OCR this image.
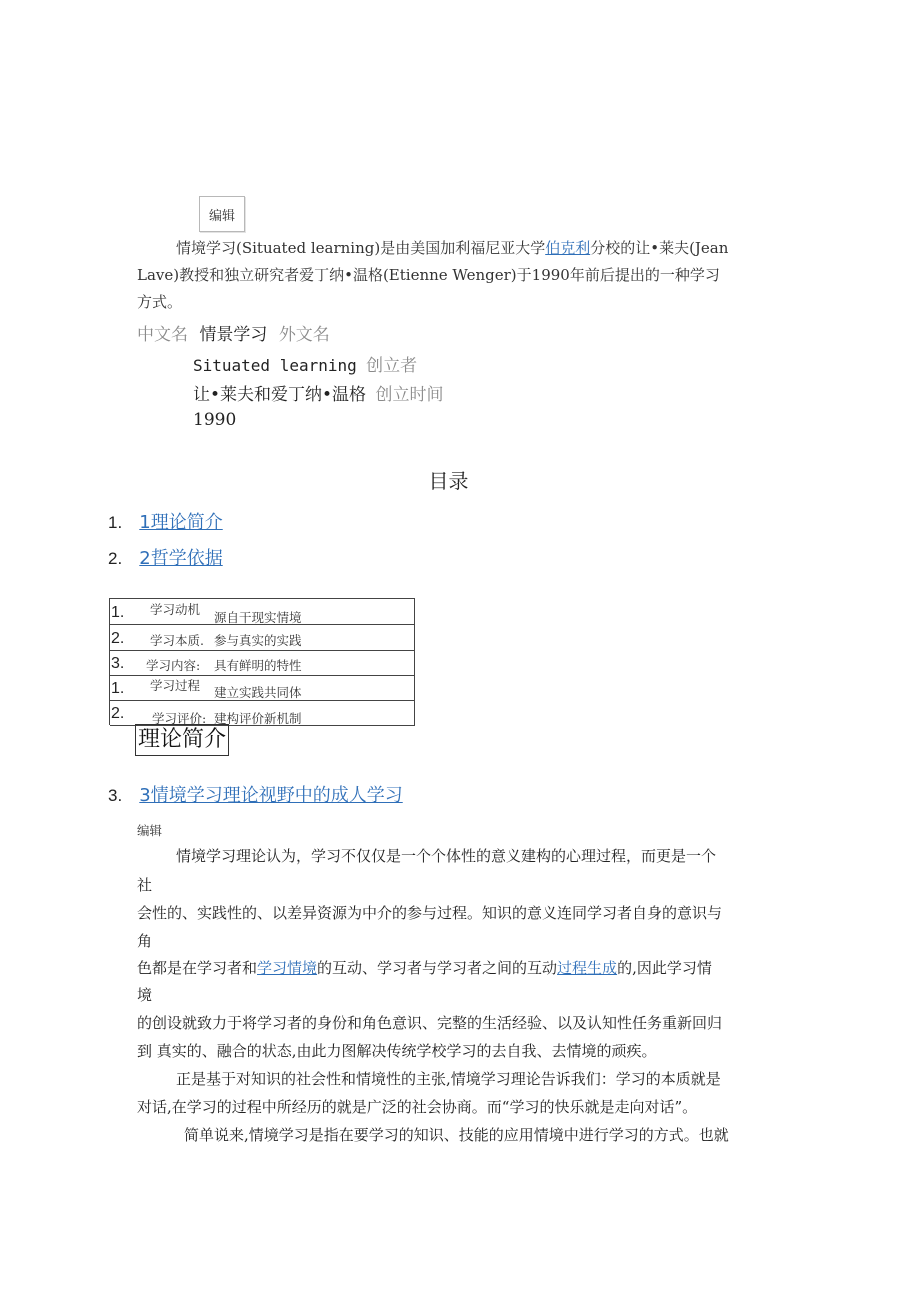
编辑
情境学习(Situated learning)是由美国加利福尼亚大学伯克利分校的让•莱夫(Jean
Lave)教授和独立研究者爱丁纳•温格(Etienne Wenger)于1990年前后提出的一种学习
方式。
中文名 情景学习 外文名
Situated learning 创立者
让•莱夫和爱丁纳•温格 创立时间
1990
目录
1. 1理论简介
2. 2哲学依据
1. 学习动机
源自干现实情境
2. 学习本质. 参与真实的实践
3. 学习内容: 具有鲜明的特性
1. 学习过程 建立实践共同体
2. 学习评价: 建构评价新机制
理论简介
3. 3情境学习理论视野中的成人学习
编辑
情境学习理论认为，学习不仅仅是一个个体性的意义建构的心理过程，而更是一个
社
会性的、实践性的、以差异资源为中介的参与过程。知识的意义连同学习者自身的意识与
角
色都是在学习者和学习情境的互动、学习者与学习者之间的互动过程生成的,因此学习情
境
的创设就致力于将学习者的身份和角色意识、完整的生活经验、以及认知性任务重新回归
到 真实的、融合的状态,由此力图解决传统学校学习的去自我、去情境的顽疾。
正是基于对知识的社会性和情境性的主张,情境学习理论告诉我们：学习的本质就是
对话,在学习的过程中所经历的就是广泛的社会协商。而“学习的快乐就是走向对话”。
简单说来,情境学习是指在要学习的知识、技能的应用情境中进行学习的方式。也就
